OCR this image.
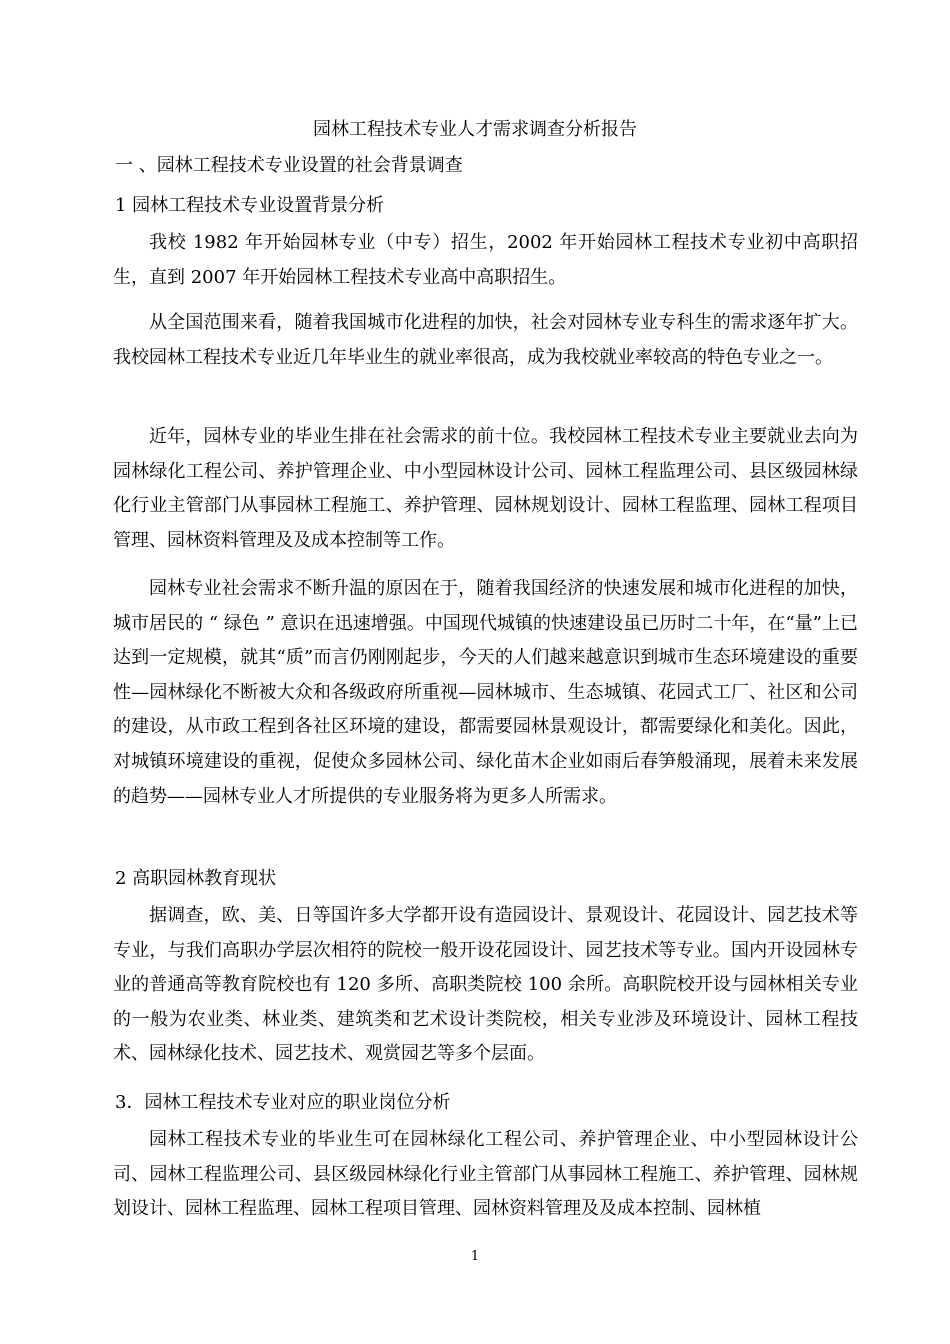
园林工程技术专业人才需求调查分析报告
一 、园林工程技术专业设置的社会背景调查
1 园林工程技术专业设置背景分析
我校 1982 年开始园林专业（中专）招生，2002 年开始园林工程技术专业初中高职招生，直到 2007 年开始园林工程技术专业高中高职招生。
从全国范围来看，随着我国城市化进程的加快，社会对园林专业专科生的需求逐年扩大。我校园林工程技术专业近几年毕业生的就业率很高，成为我校就业率较高的特色专业之一。
近年，园林专业的毕业生排在社会需求的前十位。我校园林工程技术专业主要就业去向为园林绿化工程公司、养护管理企业、中小型园林设计公司、园林工程监理公司、县区级园林绿化行业主管部门从事园林工程施工、养护管理、园林规划设计、园林工程监理、园林工程项目管理、园林资料管理及及成本控制等工作。
园林专业社会需求不断升温的原因在于，随着我国经济的快速发展和城市化进程的加快，城市居民的 “ 绿色 ” 意识在迅速增强。中国现代城镇的快速建设虽已历时二十年，在“量”上已达到一定规模，就其“质”而言仍刚刚起步，今天的人们越来越意识到城市生态环境建设的重要性—园林绿化不断被大众和各级政府所重视—园林城市、生态城镇、花园式工厂、社区和公司的建设，从市政工程到各社区环境的建设，都需要园林景观设计，都需要绿化和美化。因此，对城镇环境建设的重视，促使众多园林公司、绿化苗木企业如雨后春笋般涌现，展着未来发展的趋势——园林专业人才所提供的专业服务将为更多人所需求。
2 高职园林教育现状
据调查，欧、美、日等国许多大学都开设有造园设计、景观设计、花园设计、园艺技术等专业，与我们高职办学层次相符的院校一般开设花园设计、园艺技术等专业。国内开设园林专业的普通高等教育院校也有 120 多所、高职类院校 100 余所。高职院校开设与园林相关专业的一般为农业类、林业类、建筑类和艺术设计类院校，相关专业涉及环境设计、园林工程技术、园林绿化技术、园艺技术、观赏园艺等多个层面。
3．园林工程技术专业对应的职业岗位分析
园林工程技术专业的毕业生可在园林绿化工程公司、养护管理企业、中小型园林设计公司、园林工程监理公司、县区级园林绿化行业主管部门从事园林工程施工、养护管理、园林规划设计、园林工程监理、园林工程项目管理、园林资料管理及及成本控制、园林植
1
